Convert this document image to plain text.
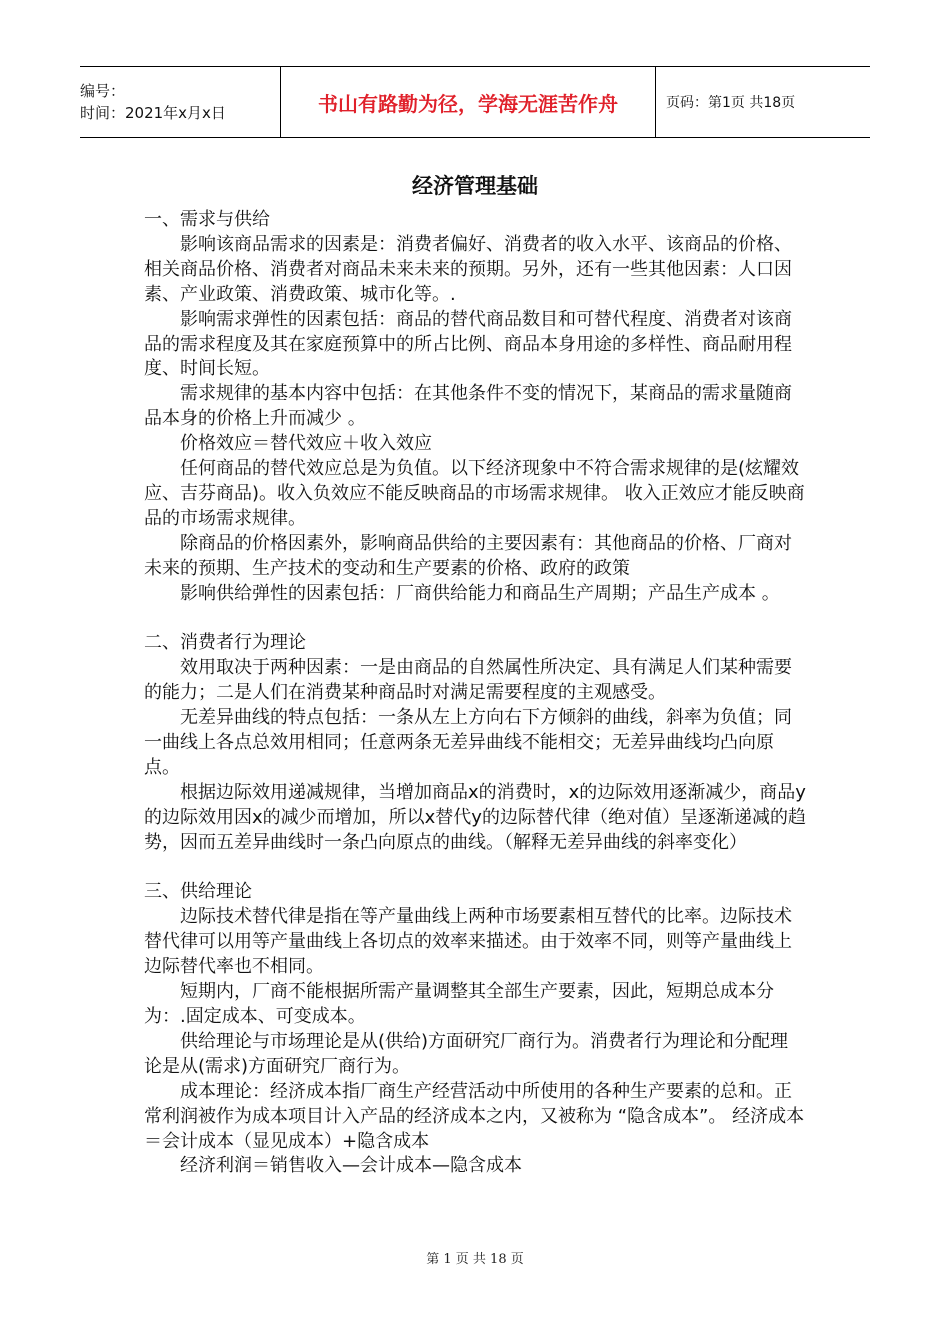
编号：
时间：2021年x月x日	书山有路勤为径，学海无涯苦作舟	页码：第1页 共18页
经济管理基础

一、需求与供给

影响该商品需求的因素是：消费者偏好、消费者的收入水平、该商品的价格、相关商品价格、消费者对商品未来未来的预期。另外，还有一些其他因素：人口因素、产业政策、消费政策、城市化等。.

影响需求弹性的因素包括：商品的替代商品数目和可替代程度、消费者对该商品的需求程度及其在家庭预算中的所占比例、商品本身用途的多样性、商品耐用程度、时间长短。

需求规律的基本内容中包括：在其他条件不变的情况下，某商品的需求量随商品本身的价格上升而减少 。

价格效应＝替代效应＋收入效应

任何商品的替代效应总是为负值。以下经济现象中不符合需求规律的是(炫耀效应、吉芬商品)。收入负效应不能反映商品的市场需求规律。 收入正效应才能反映商品的市场需求规律。

除商品的价格因素外，影响商品供给的主要因素有：其他商品的价格、厂商对未来的预期、生产技术的变动和生产要素的价格、政府的政策

影响供给弹性的因素包括：厂商供给能力和商品生产周期；产品生产成本 。

二、消费者行为理论

效用取决于两种因素：一是由商品的自然属性所决定、具有满足人们某种需要的能力；二是人们在消费某种商品时对满足需要程度的主观感受。

无差异曲线的特点包括：一条从左上方向右下方倾斜的曲线，斜率为负值；同一曲线上各点总效用相同；任意两条无差异曲线不能相交；无差异曲线均凸向原点。

根据边际效用递减规律，当增加商品x的消费时，x的边际效用逐渐减少，商品y的边际效用因x的减少而增加，所以x替代y的边际替代律（绝对值）呈逐渐递减的趋势，因而五差异曲线时一条凸向原点的曲线。（解释无差异曲线的斜率变化）

三、供给理论

边际技术替代律是指在等产量曲线上两种市场要素相互替代的比率。边际技术替代律可以用等产量曲线上各切点的效率来描述。由于效率不同，则等产量曲线上边际替代率也不相同。

短期内，厂商不能根据所需产量调整其全部生产要素，因此，短期总成本分为：.固定成本、可变成本。

供给理论与市场理论是从(供给)方面研究厂商行为。消费者行为理论和分配理论是从(需求)方面研究厂商行为。

成本理论：经济成本指厂商生产经营活动中所使用的各种生产要素的总和。正常利润被作为成本项目计入产品的经济成本之内，又被称为 “隐含成本”。 经济成本＝会计成本（显见成本）+隐含成本

经济利润＝销售收入—会计成本—隐含成本

第 1 页 共 18 页
